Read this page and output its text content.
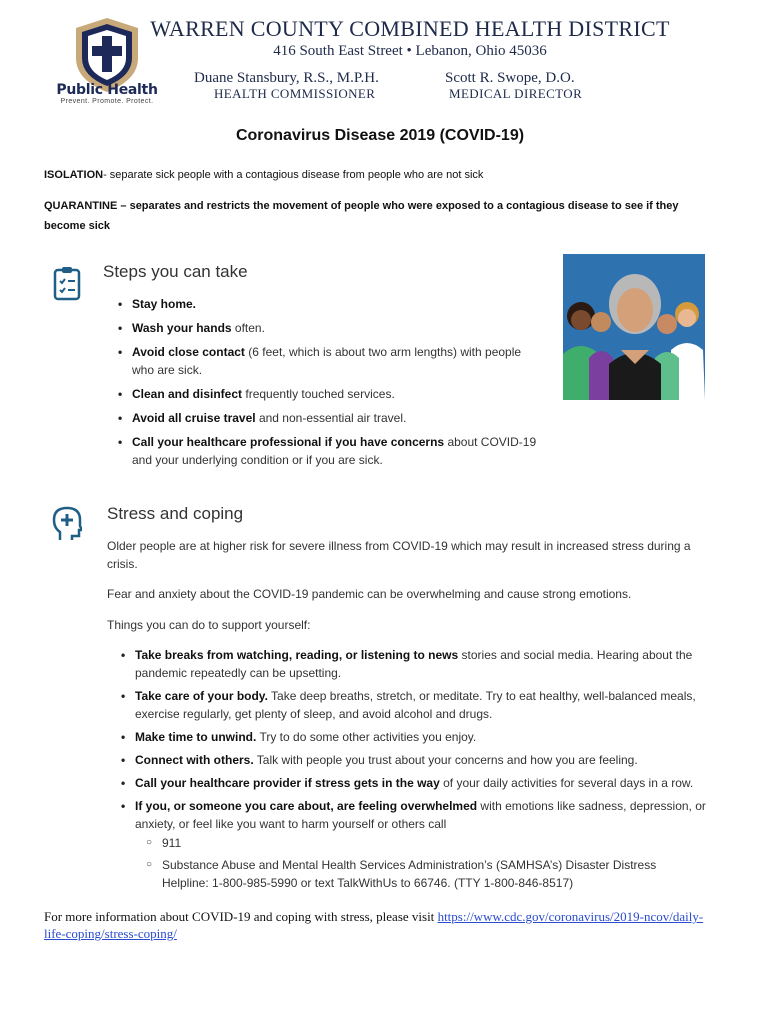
Public Health
Prevent. Promote. Protect.
WARREN COUNTY COMBINED HEALTH DISTRICT
416 South East Street • Lebanon, Ohio 45036
Duane Stansbury, R.S., M.P.H.
HEALTH COMMISSIONER
Scott R. Swope, D.O.
MEDICAL DIRECTOR
Coronavirus Disease 2019 (COVID-19)
ISOLATION- separate sick people with a contagious disease from people who are not sick
QUARANTINE – separates and restricts the movement of people who were exposed to a contagious disease to see if they become sick
Steps you can take
• Stay home.
• Wash your hands often.
• Avoid close contact (6 feet, which is about two arm lengths) with people who are sick.
• Clean and disinfect frequently touched services.
• Avoid all cruise travel and non-essential air travel.
• Call your healthcare professional if you have concerns about COVID-19 and your underlying condition or if you are sick.
Stress and coping
Older people are at higher risk for severe illness from COVID-19 which may result in increased stress during a crisis.
Fear and anxiety about the COVID-19 pandemic can be overwhelming and cause strong emotions.
Things you can do to support yourself:
• Take breaks from watching, reading, or listening to news stories and social media. Hearing about the pandemic repeatedly can be upsetting.
• Take care of your body. Take deep breaths, stretch, or meditate. Try to eat healthy, well-balanced meals, exercise regularly, get plenty of sleep, and avoid alcohol and drugs.
• Make time to unwind. Try to do some other activities you enjoy.
• Connect with others. Talk with people you trust about your concerns and how you are feeling.
• Call your healthcare provider if stress gets in the way of your daily activities for several days in a row.
• If you, or someone you care about, are feeling overwhelmed with emotions like sadness, depression, or anxiety, or feel like you want to harm yourself or others call
○ 911
○ Substance Abuse and Mental Health Services Administration’s (SAMHSA’s) Disaster Distress Helpline: 1-800-985-5990 or text TalkWithUs to 66746. (TTY 1-800-846-8517)
For more information about COVID-19 and coping with stress, please visit https://www.cdc.gov/coronavirus/2019-ncov/daily-life-coping/stress-coping/
